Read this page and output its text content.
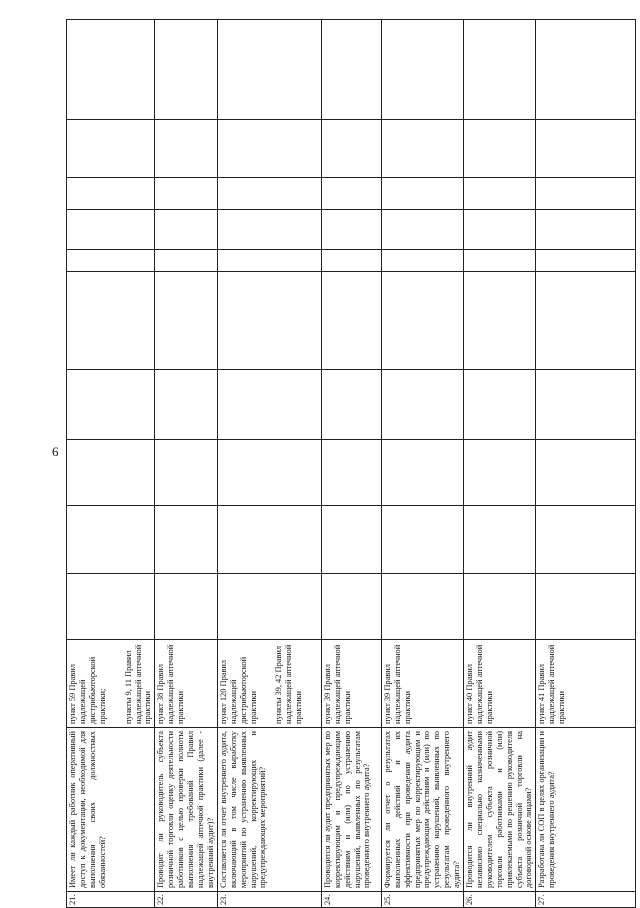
6
21.	Имеет ли каждый работник оперативный доступ к документации, необходимой для выполнения своих должностных обязанностей?	пункт 59 Правил надлежащей дистрибьюторской практики; пункты 9, 11 Правил надлежащей аптечной практики										

22.	Проводит ли руководитель субъекта розничной торговли оценку деятельности работников с целью проверки полноты выполнения требований Правил надлежащей аптечной практики (далее - внутренний аудит)?	пункт 38 Правил надлежащей аптечной практики										

23.	Составляется ли отчет внутреннего аудита, включающий в том числе выработку мероприятий по устранению выявленных нарушений, корректирующих и предупреждающих мероприятий?	пункт 120 Правил надлежащей дистрибьюторской практики пункты 39, 42 Правил надлежащей аптечной практики										

24.	Проводится ли аудит предпринятых мер по корректирующим и предупреждающим действиям и (или) по устранению нарушений, выявленных по результатам проведенного внутреннего аудита?	пункт 39 Правил надлежащей аптечной практики										

25.	Формируется ли отчет о результатах выполненных действий и их эффективности при проведении аудита предпринятых мер по корректирующим и предупреждающим действиям и (или) по устранению нарушений, выявленных по результатам проведенного внутреннего аудита?	пункт 39 Правил надлежащей аптечной практики										

26.	Проводится ли внутренний аудит независимо специально назначенными руководителем субъекта розничной торговли работниками и (или) привлекаемыми по решению руководителя субъекта розничной торговли на договорной основе лицами?	пункт 40 Правил надлежащей аптечной практики										

27.	Разработана ли СОП в целях организации и проведения внутреннего аудита?	пункт 41 Правил надлежащей аптечной практики										
